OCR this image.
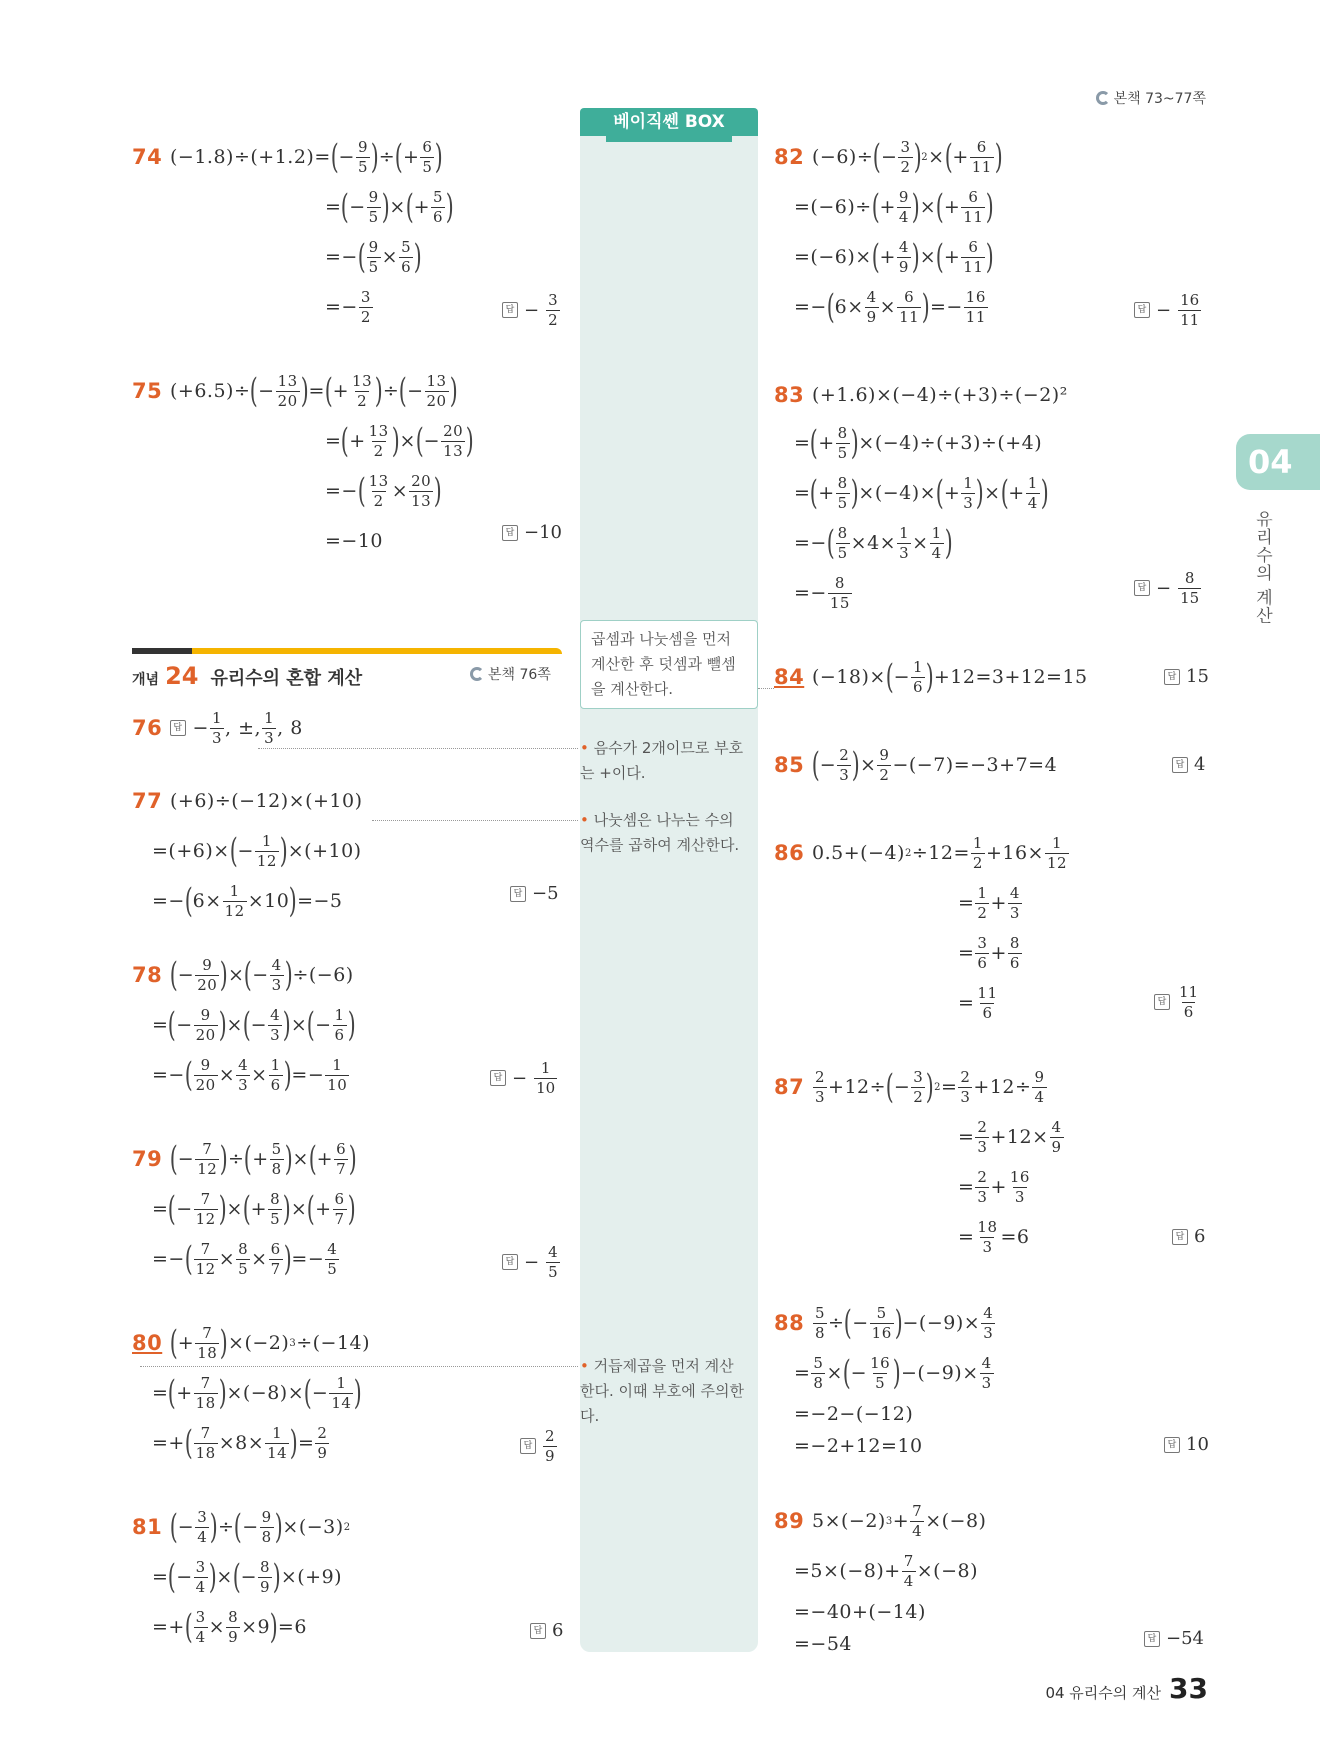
본책 73~77쪽
베이직쎈 BOX
04
유리수의 계산
74 (−1.8)÷(+1.2)= ( − $\frac{9}{5}$ ) ÷ ( + $\frac{6}{5}$ )
= ( − $\frac{9}{5}$ ) × ( + $\frac{5}{6}$ )
=− ( $\frac{9}{5} \times \frac{5}{6}$ )
=− $\frac{3}{2}$	답 − $\frac{3}{2}$
75 (+6.5)÷ ( − $\frac{13}{20}$ ) = ( + $\frac{13}{2}$ ) ÷ ( − $\frac{13}{20}$ )
= ( + $\frac{13}{2}$ ) × ( − $\frac{20}{13}$ )
=− ( $\frac{13}{2} \times \frac{20}{13}$ )
=−10	답 −10
개념 24 유리수의 혼합 계산	본책 76쪽
76	답 − $\frac{1}{3}$ , ±, $\frac{1}{3}$ , 8
77 (+6)÷(−12)×(+10)
=(+6)× ( − $\frac{1}{12}$ ) ×(+10)
=− ( $6\times \frac{1}{12} \times 10$ ) =−5	답 −5
78 ( − $\frac{9}{20}$ ) × ( − $\frac{4}{3}$ ) ÷(−6)
= ( − $\frac{9}{20}$ ) × ( − $\frac{4}{3}$ ) × ( − $\frac{1}{6}$ )
=− ( $\frac{9}{20} \times \frac{4}{3} \times \frac{1}{6}$ ) =− $\frac{1}{10}$	답 − $\frac{1}{10}$
79 ( − $\frac{7}{12}$ ) ÷ ( + $\frac{5}{8}$ ) × ( + $\frac{6}{7}$ )
= ( − $\frac{7}{12}$ ) × ( + $\frac{8}{5}$ ) × ( + $\frac{6}{7}$ )
=− ( $\frac{7}{12} \times \frac{8}{5} \times \frac{6}{7}$ ) =− $\frac{4}{5}$	답 − $\frac{4}{5}$
80 ( + $\frac{7}{18}$ ) ×(−2) 3 ÷(−14)
= ( + $\frac{7}{18}$ ) ×(−8)× ( − $\frac{1}{14}$ )
=+ ( $\frac{7}{18} \times 8\times \frac{1}{14}$ ) = $\frac{2}{9}$	답 $\frac{2}{9}$
81 ( − $\frac{3}{4}$ ) ÷ ( − $\frac{9}{8}$ ) ×(−3) 2
= ( − $\frac{3}{4}$ ) × ( − $\frac{8}{9}$ ) ×(+9)
=+ ( $\frac{3}{4} \times \frac{8}{9} \times 9$ ) =6	답 6
곱셈과 나눗셈을 먼저 계산한 후 덧셈과 뺄셈을 계산한다.
• 음수가 2개이므로 부호는 +이다.
• 나눗셈은 나누는 수의 역수를 곱하여 계산한다.
• 거듭제곱을 먼저 계산한다. 이때 부호에 주의한다.
82 (−6)÷ ( − $\frac{3}{2}$ ) 2 × ( + $\frac{6}{11}$ )
=(−6)÷ ( + $\frac{9}{4}$ ) × ( + $\frac{6}{11}$ )
=(−6)× ( + $\frac{4}{9}$ ) × ( + $\frac{6}{11}$ )
=− ( $6\times \frac{4}{9} \times \frac{6}{11}$ ) =− $\frac{16}{11}$	답 − $\frac{16}{11}$
83 (+1.6)×(−4)÷(+3)÷(−2)²
= ( + $\frac{8}{5}$ ) ×(−4)÷(+3)÷(+4)
= ( + $\frac{8}{5}$ ) ×(−4)× ( + $\frac{1}{3}$ ) × ( + $\frac{1}{4}$ )
=− ( $\frac{8}{5} \times 4\times \frac{1}{3} \times \frac{1}{4}$ )
=− $\frac{8}{15}$	답 − $\frac{8}{15}$
84 (−18)× ( − $\frac{1}{6}$ ) +12=3+12=15	답 15
85 ( − $\frac{2}{3}$ ) × $\frac{9}{2} -(-7)=-3+7=4$	답 4
86 0.5+(−4) $2 \div 12= \frac{1}{2} +16\times \frac{1}{12}$
= $\frac{1}{2} + \frac{4}{3}$
= $\frac{3}{6} + \frac{8}{6}$
= $\frac{11}{6}$	답 $\frac{11}{6}$
$87 \frac{2}{3} +12\div$ ( − $\frac{3}{2}$ ) $2 = \frac{2}{3} +12\div \frac{9}{4}$
= $\frac{2}{3} +12\times \frac{4}{9}$
= $\frac{2}{3} + \frac{16}{3}$
= $\frac{18}{3} =6$	답 6
$88 \frac{5}{8}$ ÷ ( − $\frac{5}{16}$ ) $-(-9)\times \frac{4}{3}$
= $\frac{5}{8}$ × ( − $\frac{16}{5}$ ) $-(-9)\times \frac{4}{3}$
=−2−(−12)
=−2+12=10	답 10
89 5×(−2) $3 + \frac{7}{4} \times(-8)$
$=5\times(-8)+ \frac{7}{4} \times(-8)$
=−40+(−14)
=−54	답 −54
04 유리수의 계산 33
